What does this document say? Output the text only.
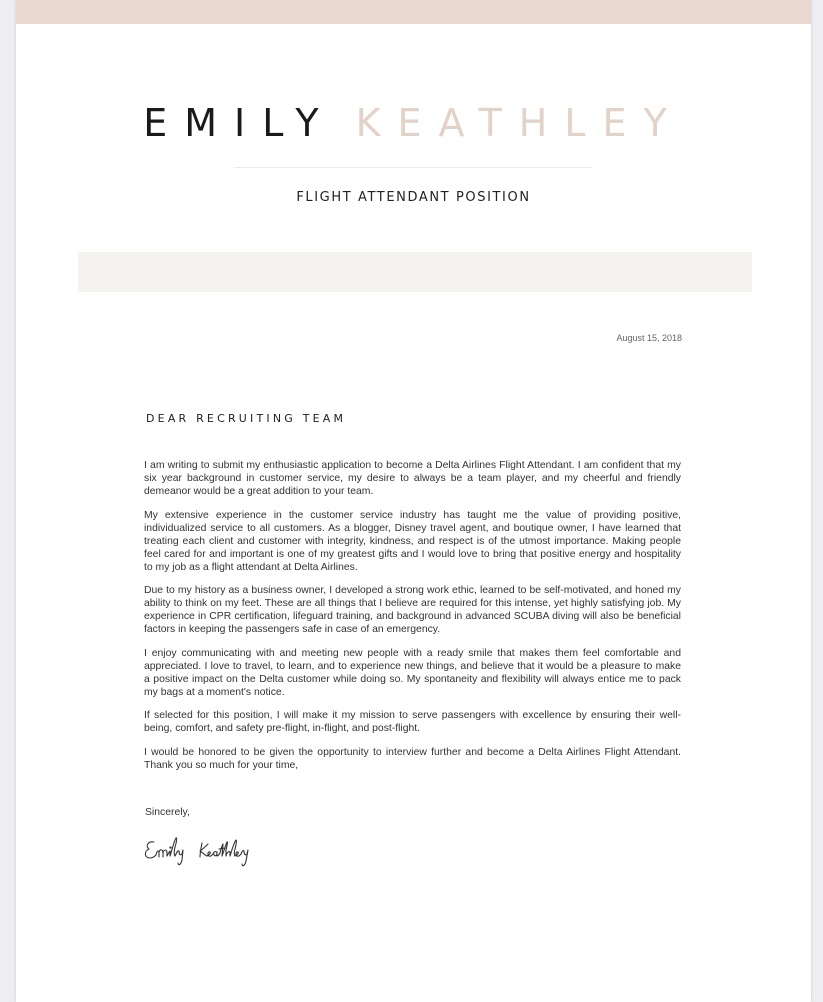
EMILY KEATHLEY
FLIGHT ATTENDANT POSITION
August 15, 2018
DEAR RECRUITING TEAM

I am writing to submit my enthusiastic application to become a Delta Airlines Flight Attendant. I am confident that my six year background in customer service, my desire to always be a team player, and my cheerful and friendly demeanor would be a great addition to your team.

My extensive experience in the customer service industry has taught me the value of providing positive, individualized service to all customers. As a blogger, Disney travel agent, and boutique owner, I have learned that treating each client and customer with integrity, kindness, and respect is of the utmost importance. Making people feel cared for and important is one of my greatest gifts and I would love to bring that positive energy and hospitality to my job as a flight attendant at Delta Airlines.

Due to my history as a business owner, I developed a strong work ethic, learned to be self-motivated, and honed my ability to think on my feet. These are all things that I believe are required for this intense, yet highly satisfying job. My experience in CPR certification, lifeguard training, and background in advanced SCUBA diving will also be beneficial factors in keeping the passengers safe in case of an emergency.

I enjoy communicating with and meeting new people with a ready smile that makes them feel comfortable and appreciated. I love to travel, to learn, and to experience new things, and believe that it would be a pleasure to make a positive impact on the Delta customer while doing so. My spontaneity and flexibility will always entice me to pack my bags at a moment's notice.

If selected for this position, I will make it my mission to serve passengers with excellence by ensuring their well-being, comfort, and safety pre-flight, in-flight, and post-flight.

I would be honored to be given the opportunity to interview further and become a Delta Airlines Flight Attendant. Thank you so much for your time,

Sincerely,
